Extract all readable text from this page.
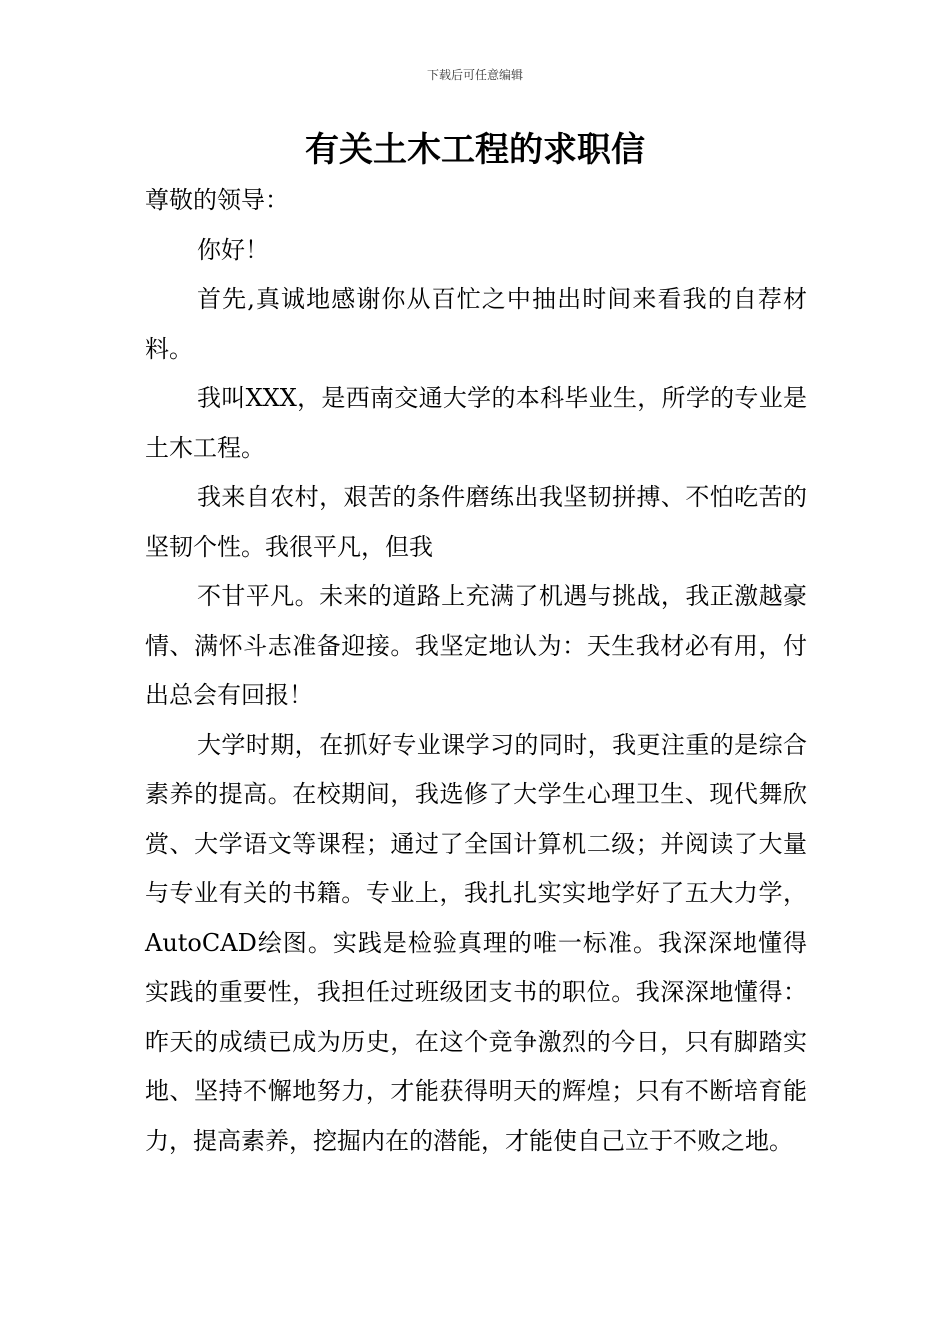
下载后可任意编辑
有关土木工程的求职信

尊敬的领导：

你好！

首先,真诚地感谢你从百忙之中抽出时间来看我的自荐材料。

我叫XXX，是西南交通大学的本科毕业生，所学的专业是土木工程。

我来自农村，艰苦的条件磨练出我坚韧拼搏、不怕吃苦的坚韧个性。我很平凡，但我

不甘平凡。未来的道路上充满了机遇与挑战，我正激越豪情、满怀斗志准备迎接。我坚定地认为：天生我材必有用，付出总会有回报！

大学时期，在抓好专业课学习的同时，我更注重的是综合素养的提高。在校期间，我选修了大学生心理卫生、现代舞欣赏、大学语文等课程；通过了全国计算机二级；并阅读了大量与专业有关的书籍。专业上，我扎扎实实地学好了五大力学，AutoCAD绘图。实践是检验真理的唯一标准。我深深地懂得实践的重要性，我担任过班级团支书的职位。我深深地懂得：昨天的成绩已成为历史，在这个竞争激烈的今日，只有脚踏实地、坚持不懈地努力，才能获得明天的辉煌；只有不断培育能力，提高素养，挖掘内在的潜能，才能使自己立于不败之地。
